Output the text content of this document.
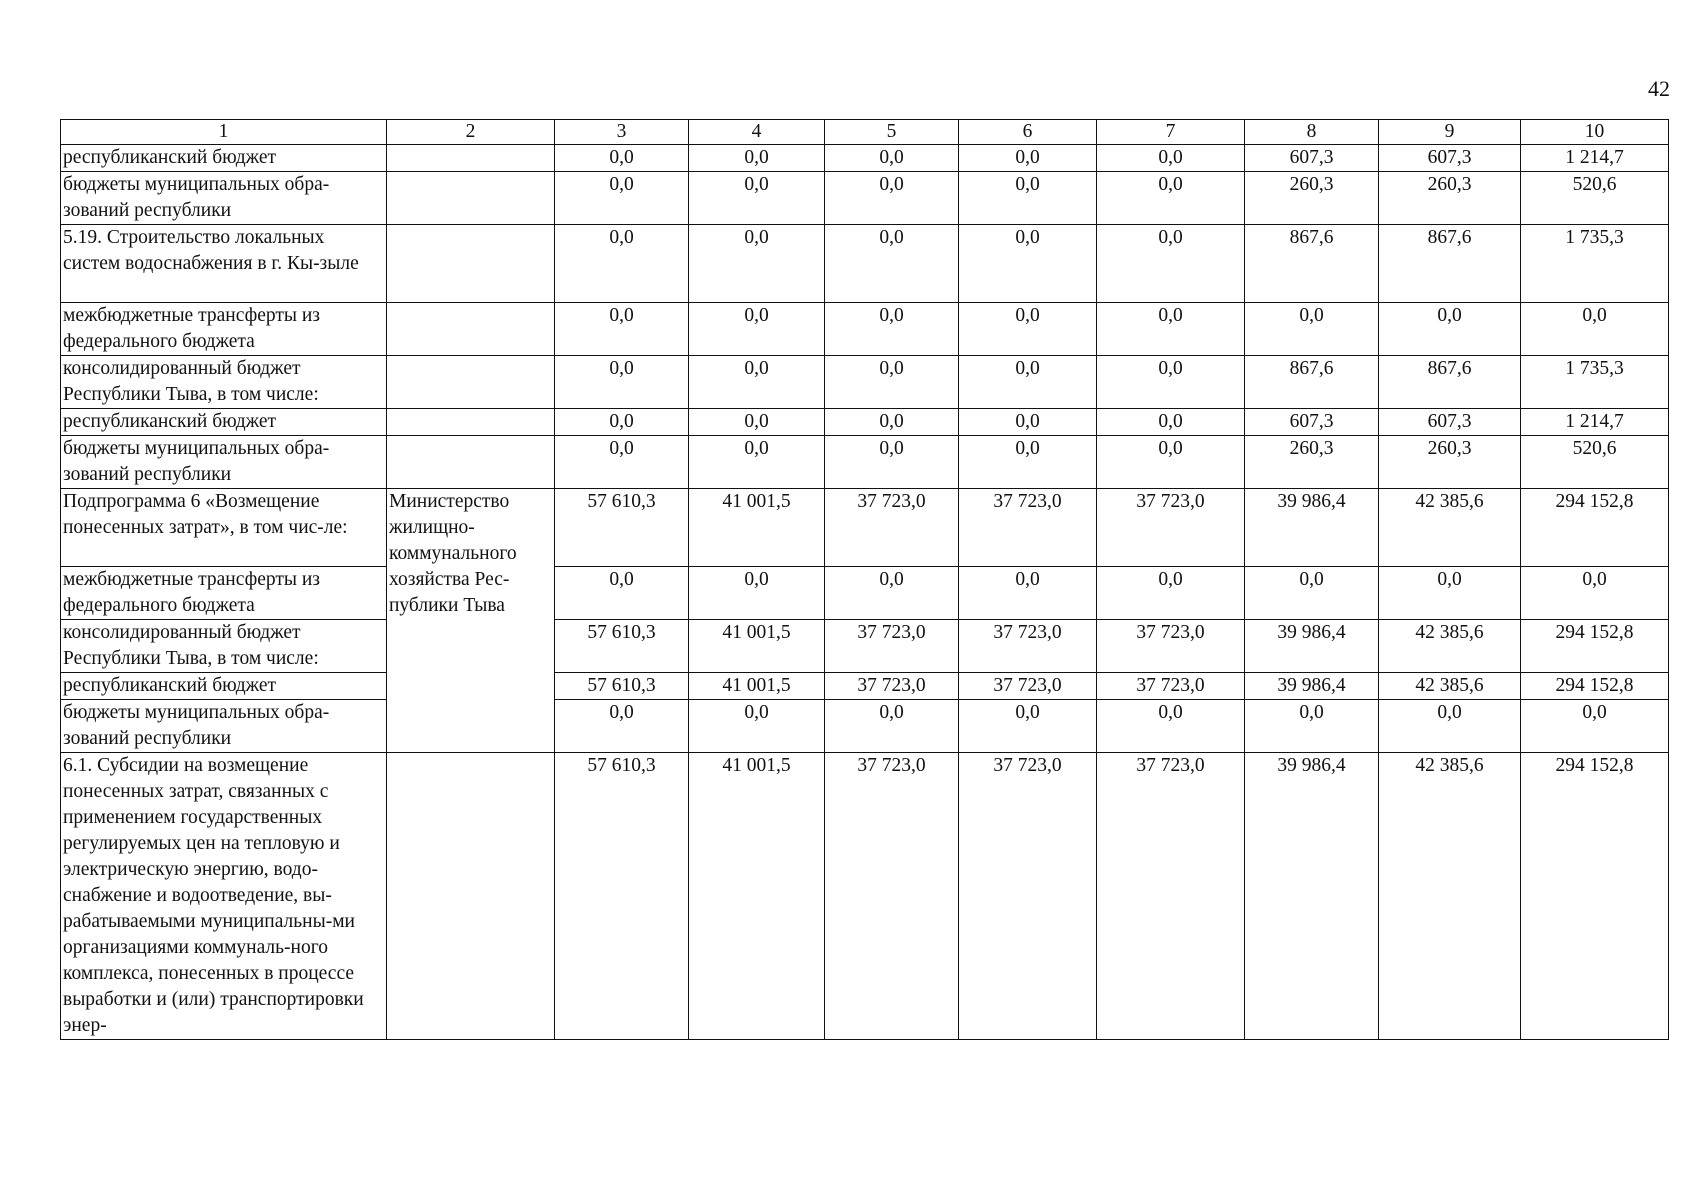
42
1	2	3	4	5	6	7	8	9	10
республиканский бюджет		0,0	0,0	0,0	0,0	0,0	607,3	607,3	1 214,7
бюджеты муниципальных обра-зований республики		0,0	0,0	0,0	0,0	0,0	260,3	260,3	520,6
5.19. Строительство локальных систем водоснабжения в г. Кы-зыле		0,0	0,0	0,0	0,0	0,0	867,6	867,6	1 735,3
межбюджетные трансферты из федерального бюджета		0,0	0,0	0,0	0,0	0,0	0,0	0,0	0,0
консолидированный бюджет Республики Тыва, в том числе:		0,0	0,0	0,0	0,0	0,0	867,6	867,6	1 735,3
республиканский бюджет		0,0	0,0	0,0	0,0	0,0	607,3	607,3	1 214,7
бюджеты муниципальных обра-зований республики		0,0	0,0	0,0	0,0	0,0	260,3	260,3	520,6
Подпрограмма 6 «Возмещение понесенных затрат», в том чис-ле:	Министерство жилищно-коммунального хозяйства Рес-публики Тыва	57 610,3	41 001,5	37 723,0	37 723,0	37 723,0	39 986,4	42 385,6	294 152,8
межбюджетные трансферты из федерального бюджета		0,0	0,0	0,0	0,0	0,0	0,0	0,0	0,0
консолидированный бюджет Республики Тыва, в том числе:		57 610,3	41 001,5	37 723,0	37 723,0	37 723,0	39 986,4	42 385,6	294 152,8
республиканский бюджет		57 610,3	41 001,5	37 723,0	37 723,0	37 723,0	39 986,4	42 385,6	294 152,8
бюджеты муниципальных обра-зований республики		0,0	0,0	0,0	0,0	0,0	0,0	0,0	0,0
6.1. Субсидии на возмещение понесенных затрат, связанных с применением государственных регулируемых цен на тепловую и электрическую энергию, водо-снабжение и водоотведение, вы-рабатываемыми муниципальны-ми организациями коммуналь-ного комплекса, понесенных в процессе выработки и (или) транспортировки энер-		57 610,3	41 001,5	37 723,0	37 723,0	37 723,0	39 986,4	42 385,6	294 152,8
